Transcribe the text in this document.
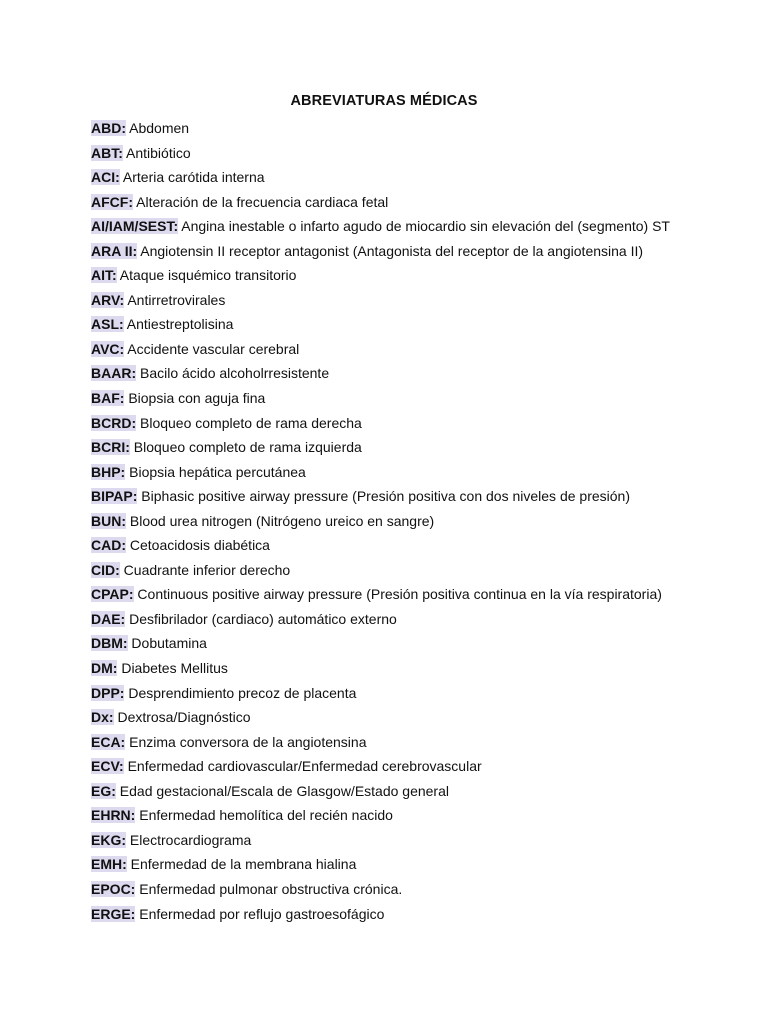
ABREVIATURAS MÉDICAS
ABD: Abdomen
ABT: Antibiótico
ACI: Arteria carótida interna
AFCF: Alteración de la frecuencia cardiaca fetal
AI/IAM/SEST: Angina inestable o infarto agudo de miocardio sin elevación del (segmento) ST
ARA II: Angiotensin II receptor antagonist (Antagonista del receptor de la angiotensina II)
AIT: Ataque isquémico transitorio
ARV: Antirretrovirales
ASL: Antiestreptolisina
AVC: Accidente vascular cerebral
BAAR: Bacilo ácido alcoholrresistente
BAF: Biopsia con aguja fina
BCRD: Bloqueo completo de rama derecha
BCRI: Bloqueo completo de rama izquierda
BHP: Biopsia hepática percutánea
BIPAP: Biphasic positive airway pressure (Presión positiva con dos niveles de presión)
BUN: Blood urea nitrogen (Nitrógeno ureico en sangre)
CAD: Cetoacidosis diabética
CID: Cuadrante inferior derecho
CPAP: Continuous positive airway pressure (Presión positiva continua en la vía respiratoria)
DAE: Desfibrilador (cardiaco) automático externo
DBM: Dobutamina
DM: Diabetes Mellitus
DPP: Desprendimiento precoz de placenta
Dx: Dextrosa/Diagnóstico
ECA: Enzima conversora de la angiotensina
ECV: Enfermedad cardiovascular/Enfermedad cerebrovascular
EG: Edad gestacional/Escala de Glasgow/Estado general
EHRN: Enfermedad hemolítica del recién nacido
EKG: Electrocardiograma
EMH: Enfermedad de la membrana hialina
EPOC: Enfermedad pulmonar obstructiva crónica.
ERGE: Enfermedad por reflujo gastroesofágico
